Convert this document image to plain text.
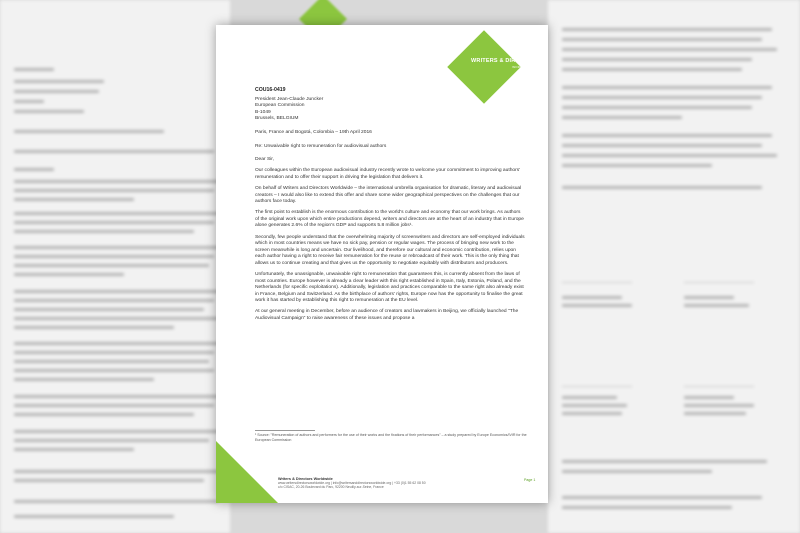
WRITERS & DIRECTORS
WORLDWIDE
COU16-0419
President Jean-Claude Juncker
European Commission
B-1049
Brussels, BELGIUM
Paris, France and Bogotá, Colombia – 19th April 2016
Re: Unwaivable right to remuneration for audiovisual authors
Dear Sir,

Our colleagues within the European audiovisual industry recently wrote to welcome your commitment to improving authors' remuneration and to offer their support in driving the legislation that delivers it.

On behalf of Writers and Directors Worldwide – the international umbrella organisation for dramatic, literary and audiovisual creators – I would also like to extend this offer and share some wider geographical perspectives on the challenges that our authors face today.

The first point to establish is the enormous contribution to the world's culture and economy that our work brings. As authors of the original work upon which entire productions depend, writers and directors are at the heart of an industry that in Europe alone generates 2.6% of the region's GDP and supports 5.8 million jobs¹.

Secondly, few people understand that the overwhelming majority of screenwriters and directors are self-employed individuals which in most countries means we have no sick pay, pension or regular wages. The process of bringing new work to the screen meanwhile is long and uncertain. Our livelihood, and therefore our cultural and economic contribution, relies upon each author having a right to receive fair remuneration for the reuse or rebroadcast of their work. This is the only thing that allows us to continue creating and that gives us the opportunity to negotiate equitably with distributors and producers.

Unfortunately, the unassignable, unwaivable right to remuneration that guarantees this, is currently absent from the laws of most countries. Europe however is already a clear leader with this right established in Spain, Italy, Estonia, Poland, and the Netherlands (for specific exploitations). Additionally, legislation and practices comparable to the same right also already exist in France, Belgium and Switzerland. As the birthplace of authors' rights, Europe now has the opportunity to finalise the great work it has started by establishing this right to remuneration at the EU level.

At our general meeting in December, before an audience of creators and lawmakers in Beijing, we officially launched "The Audiovisual Campaign" to raise awareness of these issues and propose a

¹ Source: "Remuneration of authors and performers for the use of their works and the fixations of their performances" – a study prepared by Europe Economics/IVIR for the European Commission
Writers & Directors Worldwide
www.writersdirectorsworldwide.org | info@writersanddirectorsworldwide.org | +33 (0)1 55 62 08 50
c/o CISAC, 20-26 Boulevard du Parc, 92200 Neuilly-sur-Seine, France
Page 1
